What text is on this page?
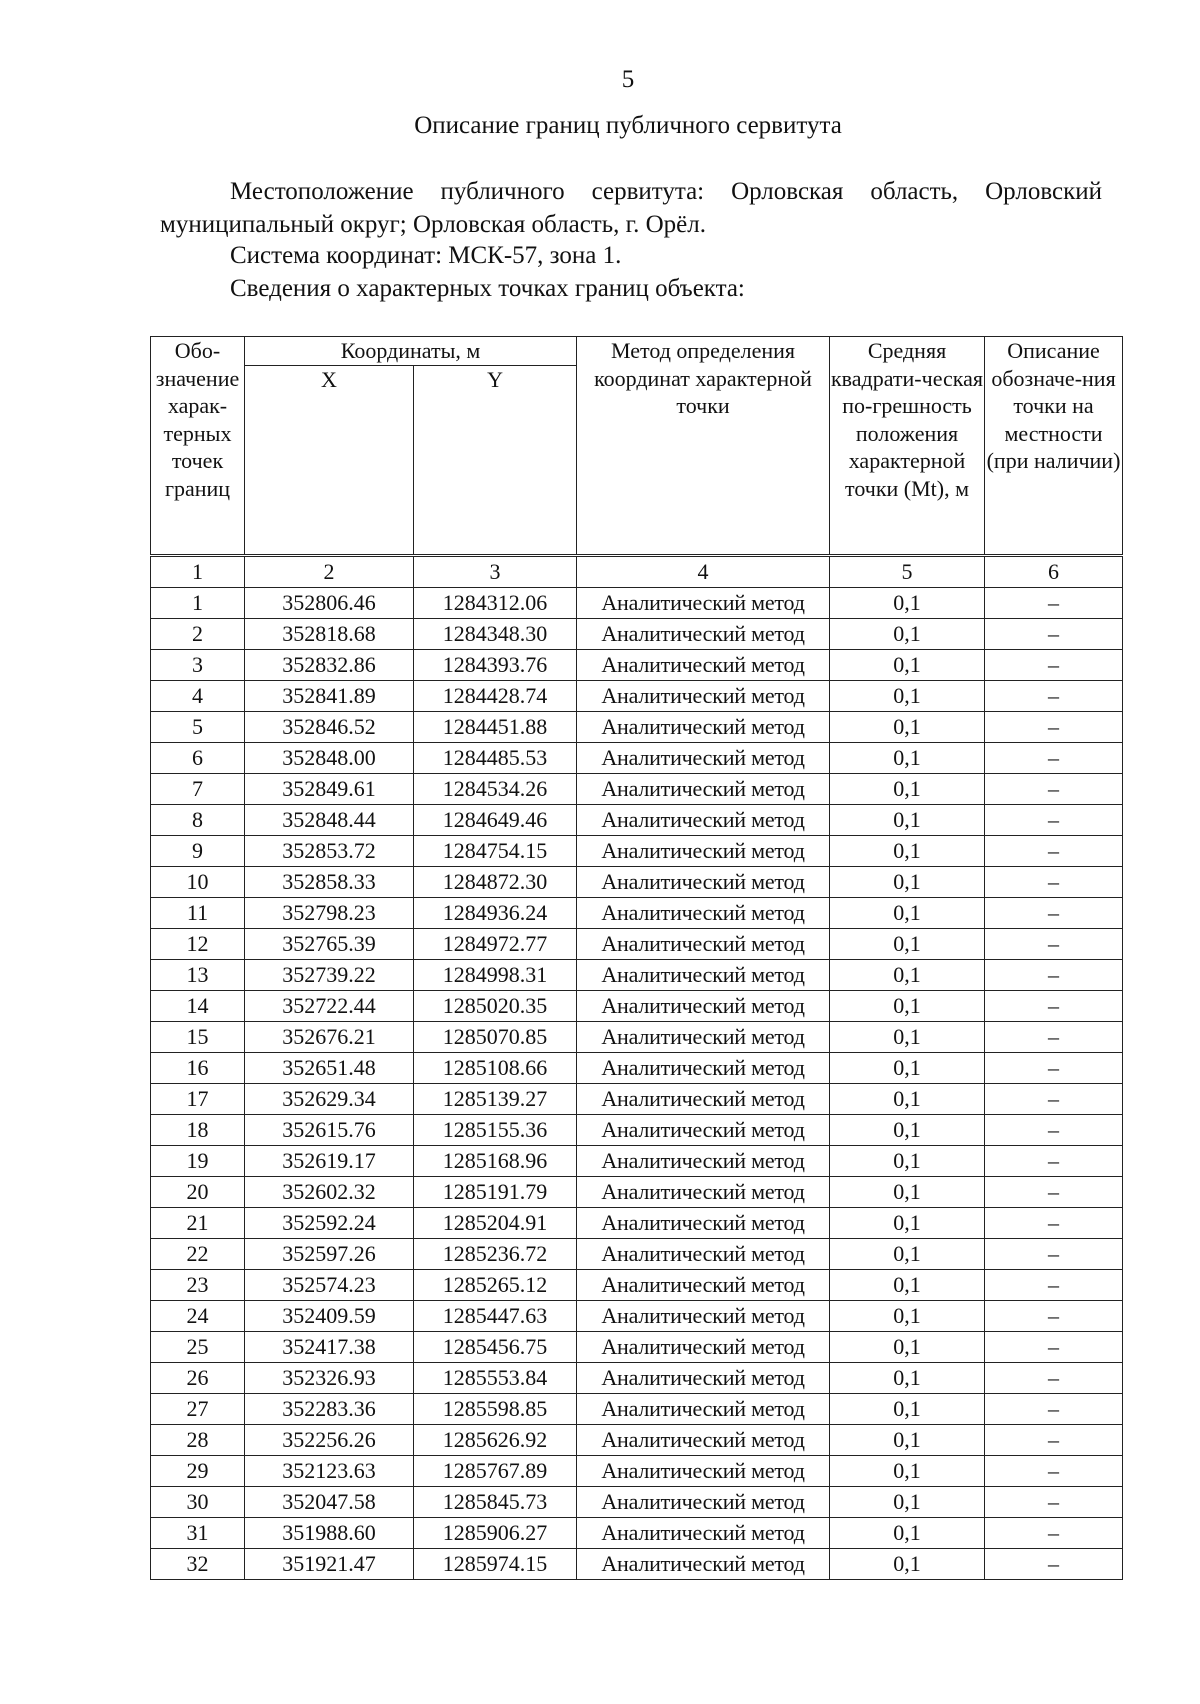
5
Описание границ публичного сервитута
Местоположение публичного сервитута: Орловская область, Орловский муниципальный округ; Орловская область, г. Орёл.
Система координат: МСК-57, зона 1.
Сведения о характерных точках границ объекта:
Обо-значение харак-терных точек границ	Координаты, м		Метод определения координат характерной точки	Средняя квадрати-ческая по-грешность положения характерной точки (Mt), м	Описание обозначе-ния точки на местности (при наличии)
	X	Y			
1	2	3	4	5	6
1	352806.46	1284312.06	Аналитический метод	0,1	–
2	352818.68	1284348.30	Аналитический метод	0,1	–
3	352832.86	1284393.76	Аналитический метод	0,1	–
4	352841.89	1284428.74	Аналитический метод	0,1	–
5	352846.52	1284451.88	Аналитический метод	0,1	–
6	352848.00	1284485.53	Аналитический метод	0,1	–
7	352849.61	1284534.26	Аналитический метод	0,1	–
8	352848.44	1284649.46	Аналитический метод	0,1	–
9	352853.72	1284754.15	Аналитический метод	0,1	–
10	352858.33	1284872.30	Аналитический метод	0,1	–
11	352798.23	1284936.24	Аналитический метод	0,1	–
12	352765.39	1284972.77	Аналитический метод	0,1	–
13	352739.22	1284998.31	Аналитический метод	0,1	–
14	352722.44	1285020.35	Аналитический метод	0,1	–
15	352676.21	1285070.85	Аналитический метод	0,1	–
16	352651.48	1285108.66	Аналитический метод	0,1	–
17	352629.34	1285139.27	Аналитический метод	0,1	–
18	352615.76	1285155.36	Аналитический метод	0,1	–
19	352619.17	1285168.96	Аналитический метод	0,1	–
20	352602.32	1285191.79	Аналитический метод	0,1	–
21	352592.24	1285204.91	Аналитический метод	0,1	–
22	352597.26	1285236.72	Аналитический метод	0,1	–
23	352574.23	1285265.12	Аналитический метод	0,1	–
24	352409.59	1285447.63	Аналитический метод	0,1	–
25	352417.38	1285456.75	Аналитический метод	0,1	–
26	352326.93	1285553.84	Аналитический метод	0,1	–
27	352283.36	1285598.85	Аналитический метод	0,1	–
28	352256.26	1285626.92	Аналитический метод	0,1	–
29	352123.63	1285767.89	Аналитический метод	0,1	–
30	352047.58	1285845.73	Аналитический метод	0,1	–
31	351988.60	1285906.27	Аналитический метод	0,1	–
32	351921.47	1285974.15	Аналитический метод	0,1	–
